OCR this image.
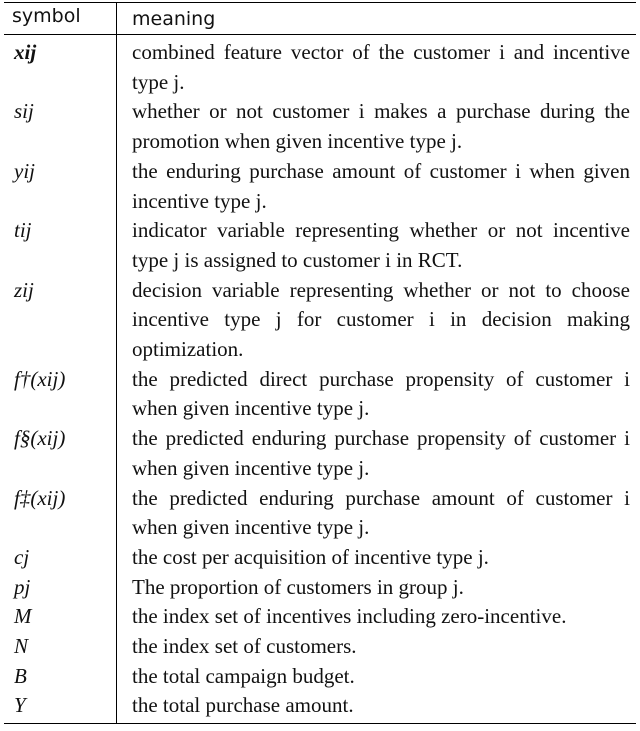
symbol	meaning
xij	combined feature vector of the customer i and incentive type j.
sij	whether or not customer i makes a purchase during the promotion when given incentive type j.
yij	the enduring purchase amount of customer i when given incentive type j.
tij	indicator variable representing whether or not incentive type j is assigned to customer i in RCT.
zij	decision variable representing whether or not to choose incentive type j for customer i in decision making optimization.
f†(xij)	the predicted direct purchase propensity of customer i when given incentive type j.
f§(xij)	the predicted enduring purchase propensity of customer i when given incentive type j.
f‡(xij)	the predicted enduring purchase amount of customer i when given incentive type j.
cj	the cost per acquisition of incentive type j.
pj	The proportion of customers in group j.
M	the index set of incentives including zero-incentive.
N	the index set of customers.
B	the total campaign budget.
Y	the total purchase amount.
